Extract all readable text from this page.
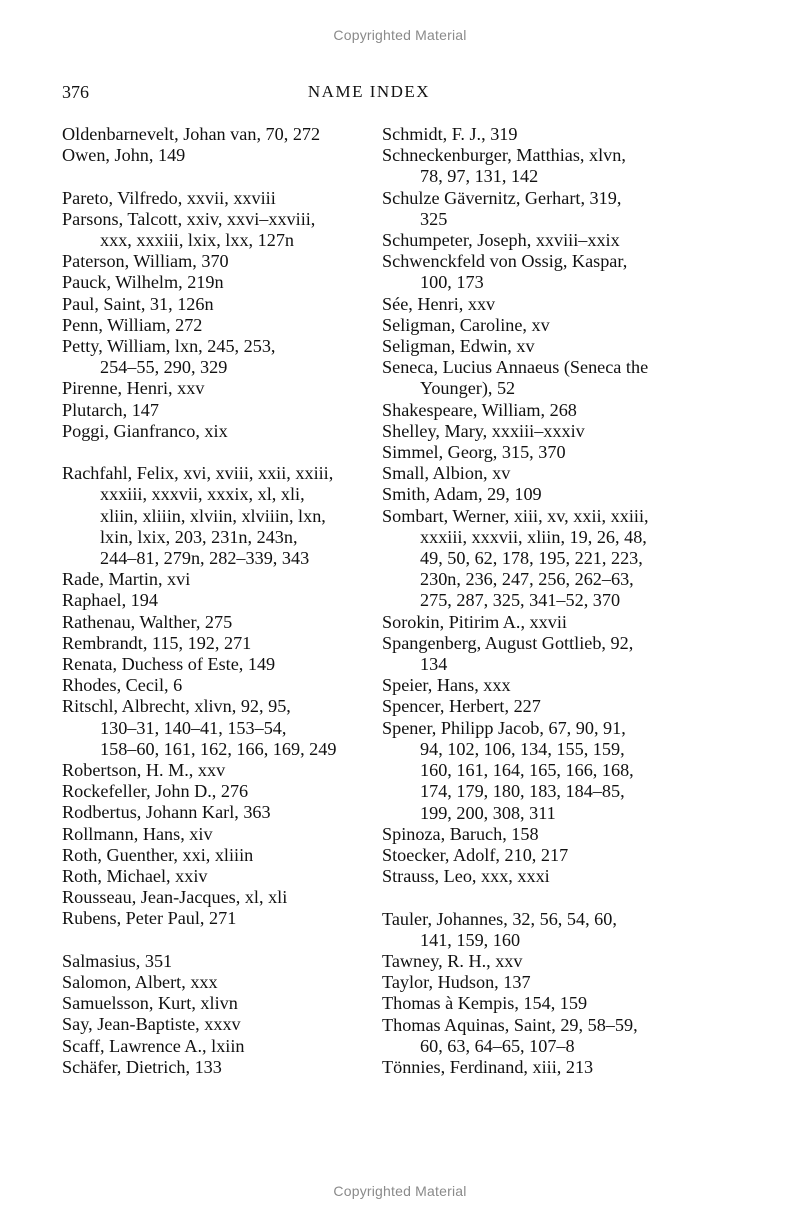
Copyrighted Material
376	NAME INDEX
Oldenbarnevelt, Johan van, 70, 272
Owen, John, 149
Pareto, Vilfredo, xxvii, xxviii
Parsons, Talcott, xxiv, xxvi–xxviii,
xxx, xxxiii, lxix, lxx, 127n
Paterson, William, 370
Pauck, Wilhelm, 219n
Paul, Saint, 31, 126n
Penn, William, 272
Petty, William, lxn, 245, 253,
254–55, 290, 329
Pirenne, Henri, xxv
Plutarch, 147
Poggi, Gianfranco, xix
Rachfahl, Felix, xvi, xviii, xxii, xxiii,
xxxiii, xxxvii, xxxix, xl, xli,
xliin, xliiin, xlviin, xlviiin, lxn,
lxin, lxix, 203, 231n, 243n,
244–81, 279n, 282–339, 343
Rade, Martin, xvi
Raphael, 194
Rathenau, Walther, 275
Rembrandt, 115, 192, 271
Renata, Duchess of Este, 149
Rhodes, Cecil, 6
Ritschl, Albrecht, xlivn, 92, 95,
130–31, 140–41, 153–54,
158–60, 161, 162, 166, 169, 249
Robertson, H. M., xxv
Rockefeller, John D., 276
Rodbertus, Johann Karl, 363
Rollmann, Hans, xiv
Roth, Guenther, xxi, xliiin
Roth, Michael, xxiv
Rousseau, Jean-Jacques, xl, xli
Rubens, Peter Paul, 271
Salmasius, 351
Salomon, Albert, xxx
Samuelsson, Kurt, xlivn
Say, Jean-Baptiste, xxxv
Scaff, Lawrence A., lxiin
Schäfer, Dietrich, 133
Schmidt, F. J., 319
Schneckenburger, Matthias, xlvn,
78, 97, 131, 142
Schulze Gävernitz, Gerhart, 319,
325
Schumpeter, Joseph, xxviii–xxix
Schwenckfeld von Ossig, Kaspar,
100, 173
Sée, Henri, xxv
Seligman, Caroline, xv
Seligman, Edwin, xv
Seneca, Lucius Annaeus (Seneca the
Younger), 52
Shakespeare, William, 268
Shelley, Mary, xxxiii–xxxiv
Simmel, Georg, 315, 370
Small, Albion, xv
Smith, Adam, 29, 109
Sombart, Werner, xiii, xv, xxii, xxiii,
xxxiii, xxxvii, xliin, 19, 26, 48,
49, 50, 62, 178, 195, 221, 223,
230n, 236, 247, 256, 262–63,
275, 287, 325, 341–52, 370
Sorokin, Pitirim A., xxvii
Spangenberg, August Gottlieb, 92,
134
Speier, Hans, xxx
Spencer, Herbert, 227
Spener, Philipp Jacob, 67, 90, 91,
94, 102, 106, 134, 155, 159,
160, 161, 164, 165, 166, 168,
174, 179, 180, 183, 184–85,
199, 200, 308, 311
Spinoza, Baruch, 158
Stoecker, Adolf, 210, 217
Strauss, Leo, xxx, xxxi
Tauler, Johannes, 32, 56, 54, 60,
141, 159, 160
Tawney, R. H., xxv
Taylor, Hudson, 137
Thomas à Kempis, 154, 159
Thomas Aquinas, Saint, 29, 58–59,
60, 63, 64–65, 107–8
Tönnies, Ferdinand, xiii, 213
Copyrighted Material
